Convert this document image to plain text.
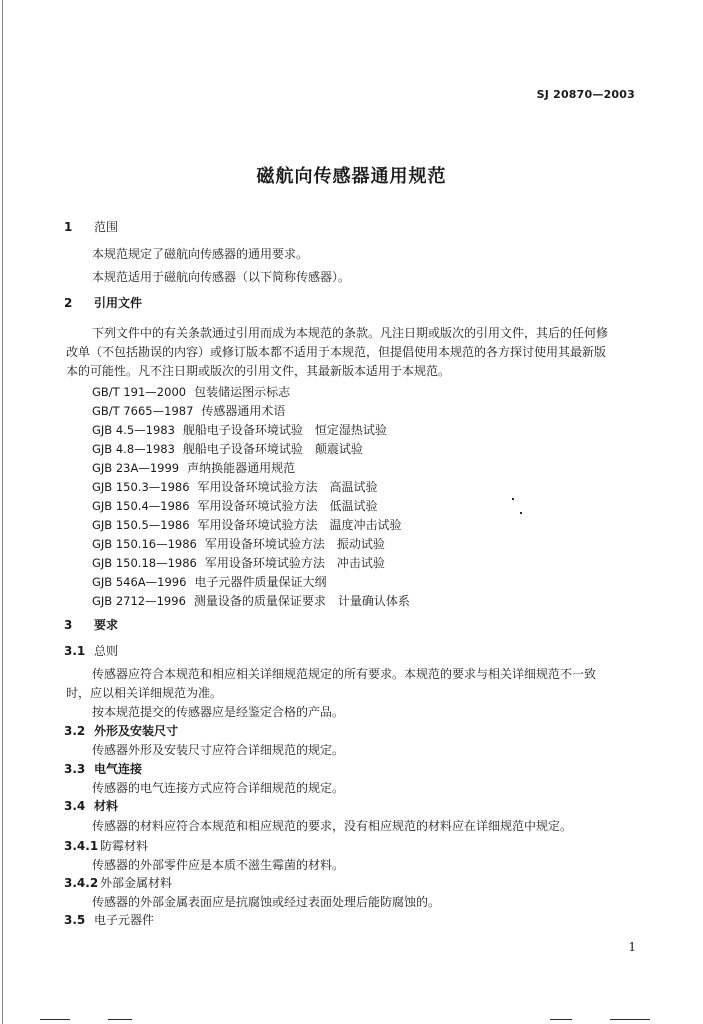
SJ 20870—2003
磁航向传感器通用规范
1 范围
本规范规定了磁航向传感器的通用要求。
本规范适用于磁航向传感器（以下简称传感器）。
2 引用文件
下列文件中的有关条款通过引用而成为本规范的条款。凡注日期或版次的引用文件，其后的任何修
改单（不包括勘误的内容）或修订版本都不适用于本规范，但提倡使用本规范的各方探讨使用其最新版
本的可能性。凡不注日期或版次的引用文件，其最新版本适用于本规范。
GB/T 191—2000 包装储运图示标志
GB/T 7665—1987 传感器通用术语
GJB 4.5—1983 舰船电子设备环境试验　恒定湿热试验
GJB 4.8—1983 舰船电子设备环境试验　颠震试验
GJB 23A—1999 声纳换能器通用规范
GJB 150.3—1986 军用设备环境试验方法　高温试验
GJB 150.4—1986 军用设备环境试验方法　低温试验
GJB 150.5—1986 军用设备环境试验方法　温度冲击试验
GJB 150.16—1986 军用设备环境试验方法　振动试验
GJB 150.18—1986 军用设备环境试验方法　冲击试验
GJB 546A—1996 电子元器件质量保证大纲
GJB 2712—1996 测量设备的质量保证要求　计量确认体系
3 要求
3.1 总则
传感器应符合本规范和相应相关详细规范规定的所有要求。本规范的要求与相关详细规范不一致
时，应以相关详细规范为准。
按本规范提交的传感器应是经鉴定合格的产品。
3.2 外形及安装尺寸
传感器外形及安装尺寸应符合详细规范的规定。
3.3 电气连接
传感器的电气连接方式应符合详细规范的规定。
3.4 材料
传感器的材料应符合本规范和相应规范的要求，没有相应规范的材料应在详细规范中规定。
3.4.1 防霉材料
传感器的外部零件应是本质不滋生霉菌的材料。
3.4.2 外部金属材料
传感器的外部金属表面应是抗腐蚀或经过表面处理后能防腐蚀的。
3.5 电子元器件
1
